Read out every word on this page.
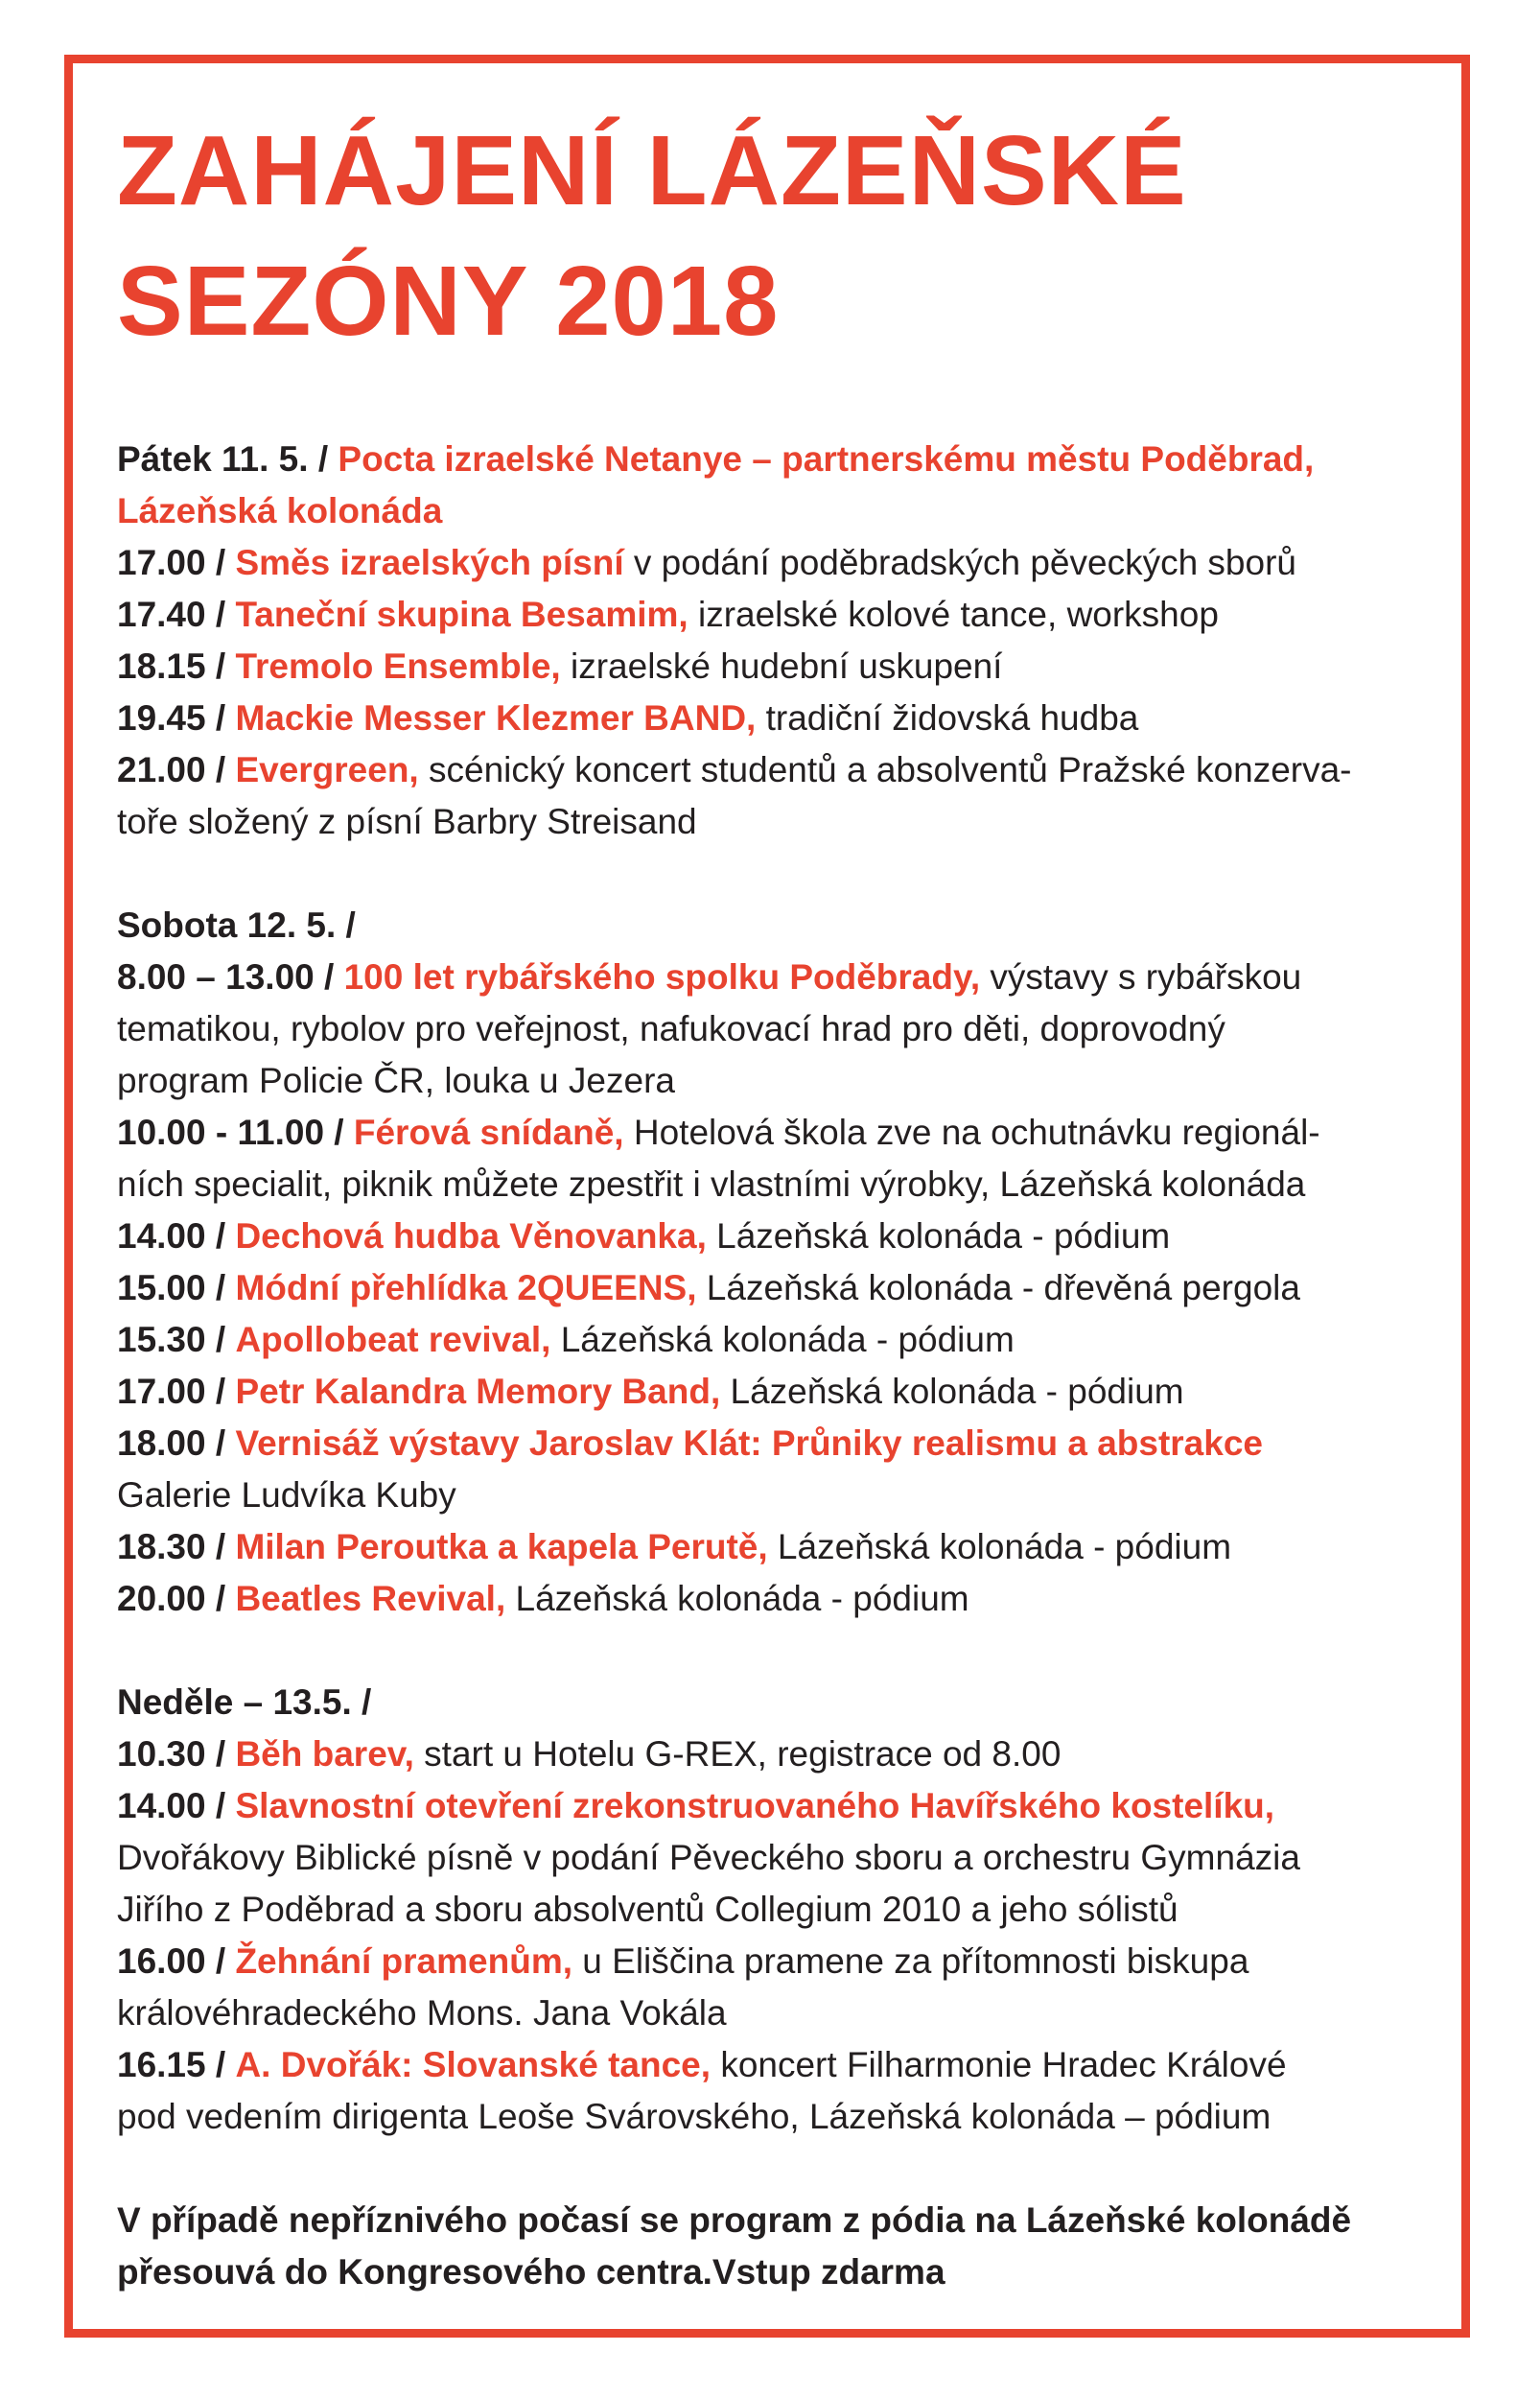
ZAHÁJENÍ LÁZEŇSKÉ
SEZÓNY 2018
Pátek 11. 5. / Pocta izraelské Netanye – partnerskému městu Poděbrad,
Lázeňská kolonáda
17.00 / Směs izraelských písní v podání poděbradských pěveckých sborů
17.40 / Taneční skupina Besamim, izraelské kolové tance, workshop
18.15 / Tremolo Ensemble, izraelské hudební uskupení
19.45 / Mackie Messer Klezmer BAND, tradiční židovská hudba
21.00 / Evergreen, scénický koncert studentů a absolventů Pražské konzerva-
toře složený z písní Barbry Streisand
Sobota 12. 5. /
8.00 – 13.00 / 100 let rybářského spolku Poděbrady, výstavy s rybářskou
tematikou, rybolov pro veřejnost, nafukovací hrad pro děti, doprovodný
program Policie ČR, louka u Jezera
10.00 - 11.00 / Férová snídaně, Hotelová škola zve na ochutnávku regionál-
ních specialit, piknik můžete zpestřit i vlastními výrobky, Lázeňská kolonáda
14.00 / Dechová hudba Věnovanka, Lázeňská kolonáda - pódium
15.00 / Módní přehlídka 2QUEENS, Lázeňská kolonáda - dřevěná pergola
15.30 / Apollobeat revival, Lázeňská kolonáda - pódium
17.00 / Petr Kalandra Memory Band, Lázeňská kolonáda - pódium
18.00 / Vernisáž výstavy Jaroslav Klát: Průniky realismu a abstrakce
Galerie Ludvíka Kuby
18.30 / Milan Peroutka a kapela Perutě, Lázeňská kolonáda - pódium
20.00 / Beatles Revival, Lázeňská kolonáda - pódium
Neděle – 13.5. /
10.30 / Běh barev, start u Hotelu G-REX, registrace od 8.00
14.00 / Slavnostní otevření zrekonstruovaného Havířského kostelíku,
Dvořákovy Biblické písně v podání Pěveckého sboru a orchestru Gymnázia
Jiřího z Poděbrad a sboru absolventů Collegium 2010 a jeho sólistů
16.00 / Žehnání pramenům, u Eliščina pramene za přítomnosti biskupa
královéhradeckého Mons. Jana Vokála
16.15 / A. Dvořák: Slovanské tance, koncert Filharmonie Hradec Králové
pod vedením dirigenta Leoše Svárovského, Lázeňská kolonáda – pódium
V případě nepříznivého počasí se program z pódia na Lázeňské kolonádě
přesouvá do Kongresového centra.Vstup zdarma
